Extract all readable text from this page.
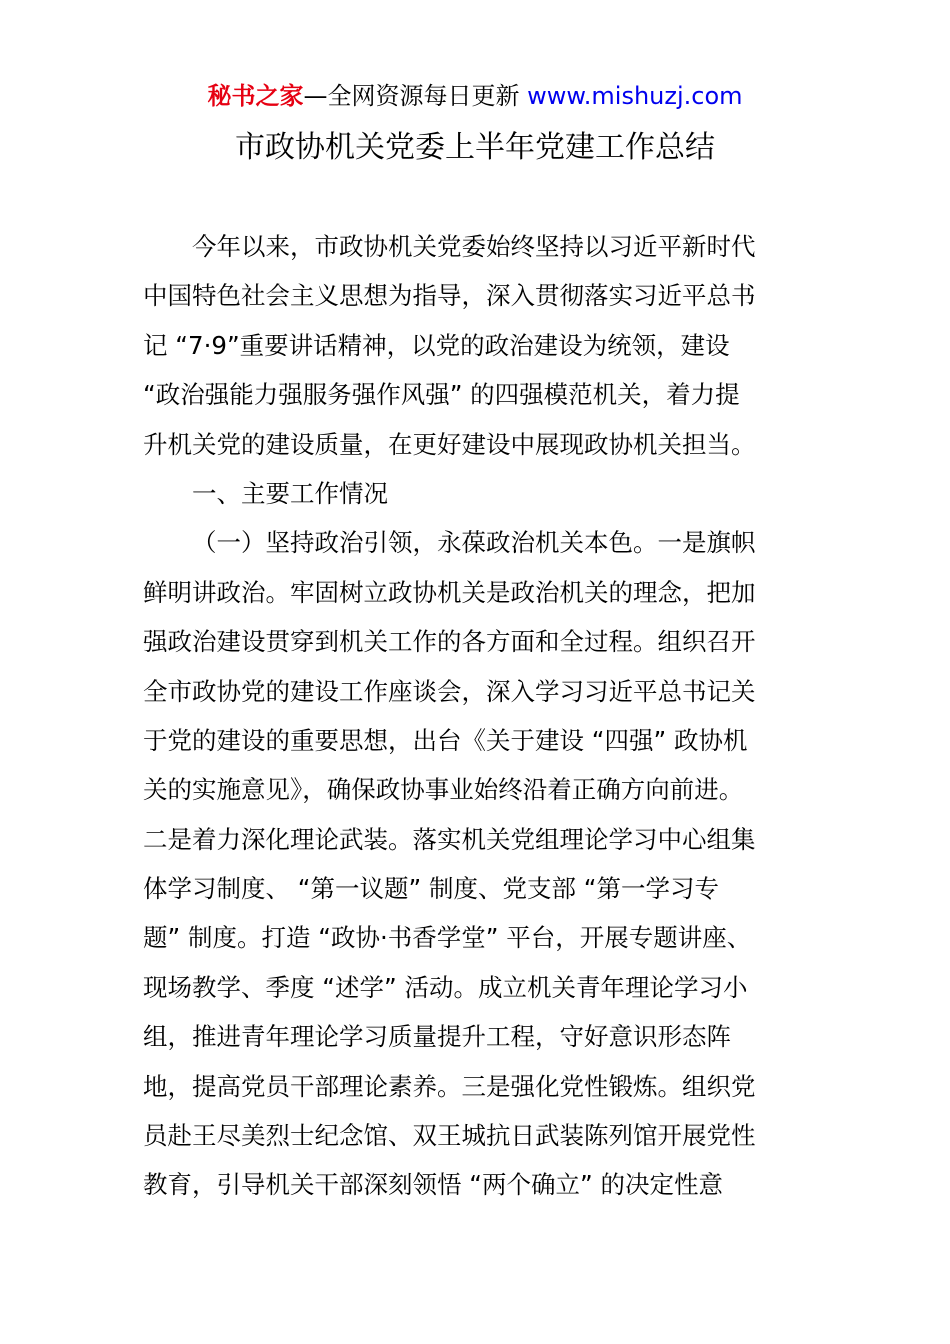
秘书之家—全网资源每日更新 www.mishuzj.com
市政协机关党委上半年党建工作总结
今年以来，市政协机关党委始终坚持以习近平新时代
中国特色社会主义思想为指导，深入贯彻落实习近平总书
记 “7·9”重要讲话精神，以党的政治建设为统领，建设
“政治强能力强服务强作风强” 的四强模范机关，着力提
升机关党的建设质量，在更好建设中展现政协机关担当。
一、主要工作情况
（一）坚持政治引领，永葆政治机关本色。一是旗帜
鲜明讲政治。牢固树立政协机关是政治机关的理念，把加
强政治建设贯穿到机关工作的各方面和全过程。组织召开
全市政协党的建设工作座谈会，深入学习习近平总书记关
于党的建设的重要思想，出台《关于建设 “四强” 政协机
关的实施意见》，确保政协事业始终沿着正确方向前进。
二是着力深化理论武装。落实机关党组理论学习中心组集
体学习制度、 “第一议题” 制度、党支部 “第一学习专
题” 制度。打造 “政协·书香学堂” 平台，开展专题讲座、
现场教学、季度 “述学” 活动。成立机关青年理论学习小
组，推进青年理论学习质量提升工程，守好意识形态阵
地，提高党员干部理论素养。三是强化党性锻炼。组织党
员赴王尽美烈士纪念馆、双王城抗日武装陈列馆开展党性
教育，引导机关干部深刻领悟 “两个确立” 的决定性意
